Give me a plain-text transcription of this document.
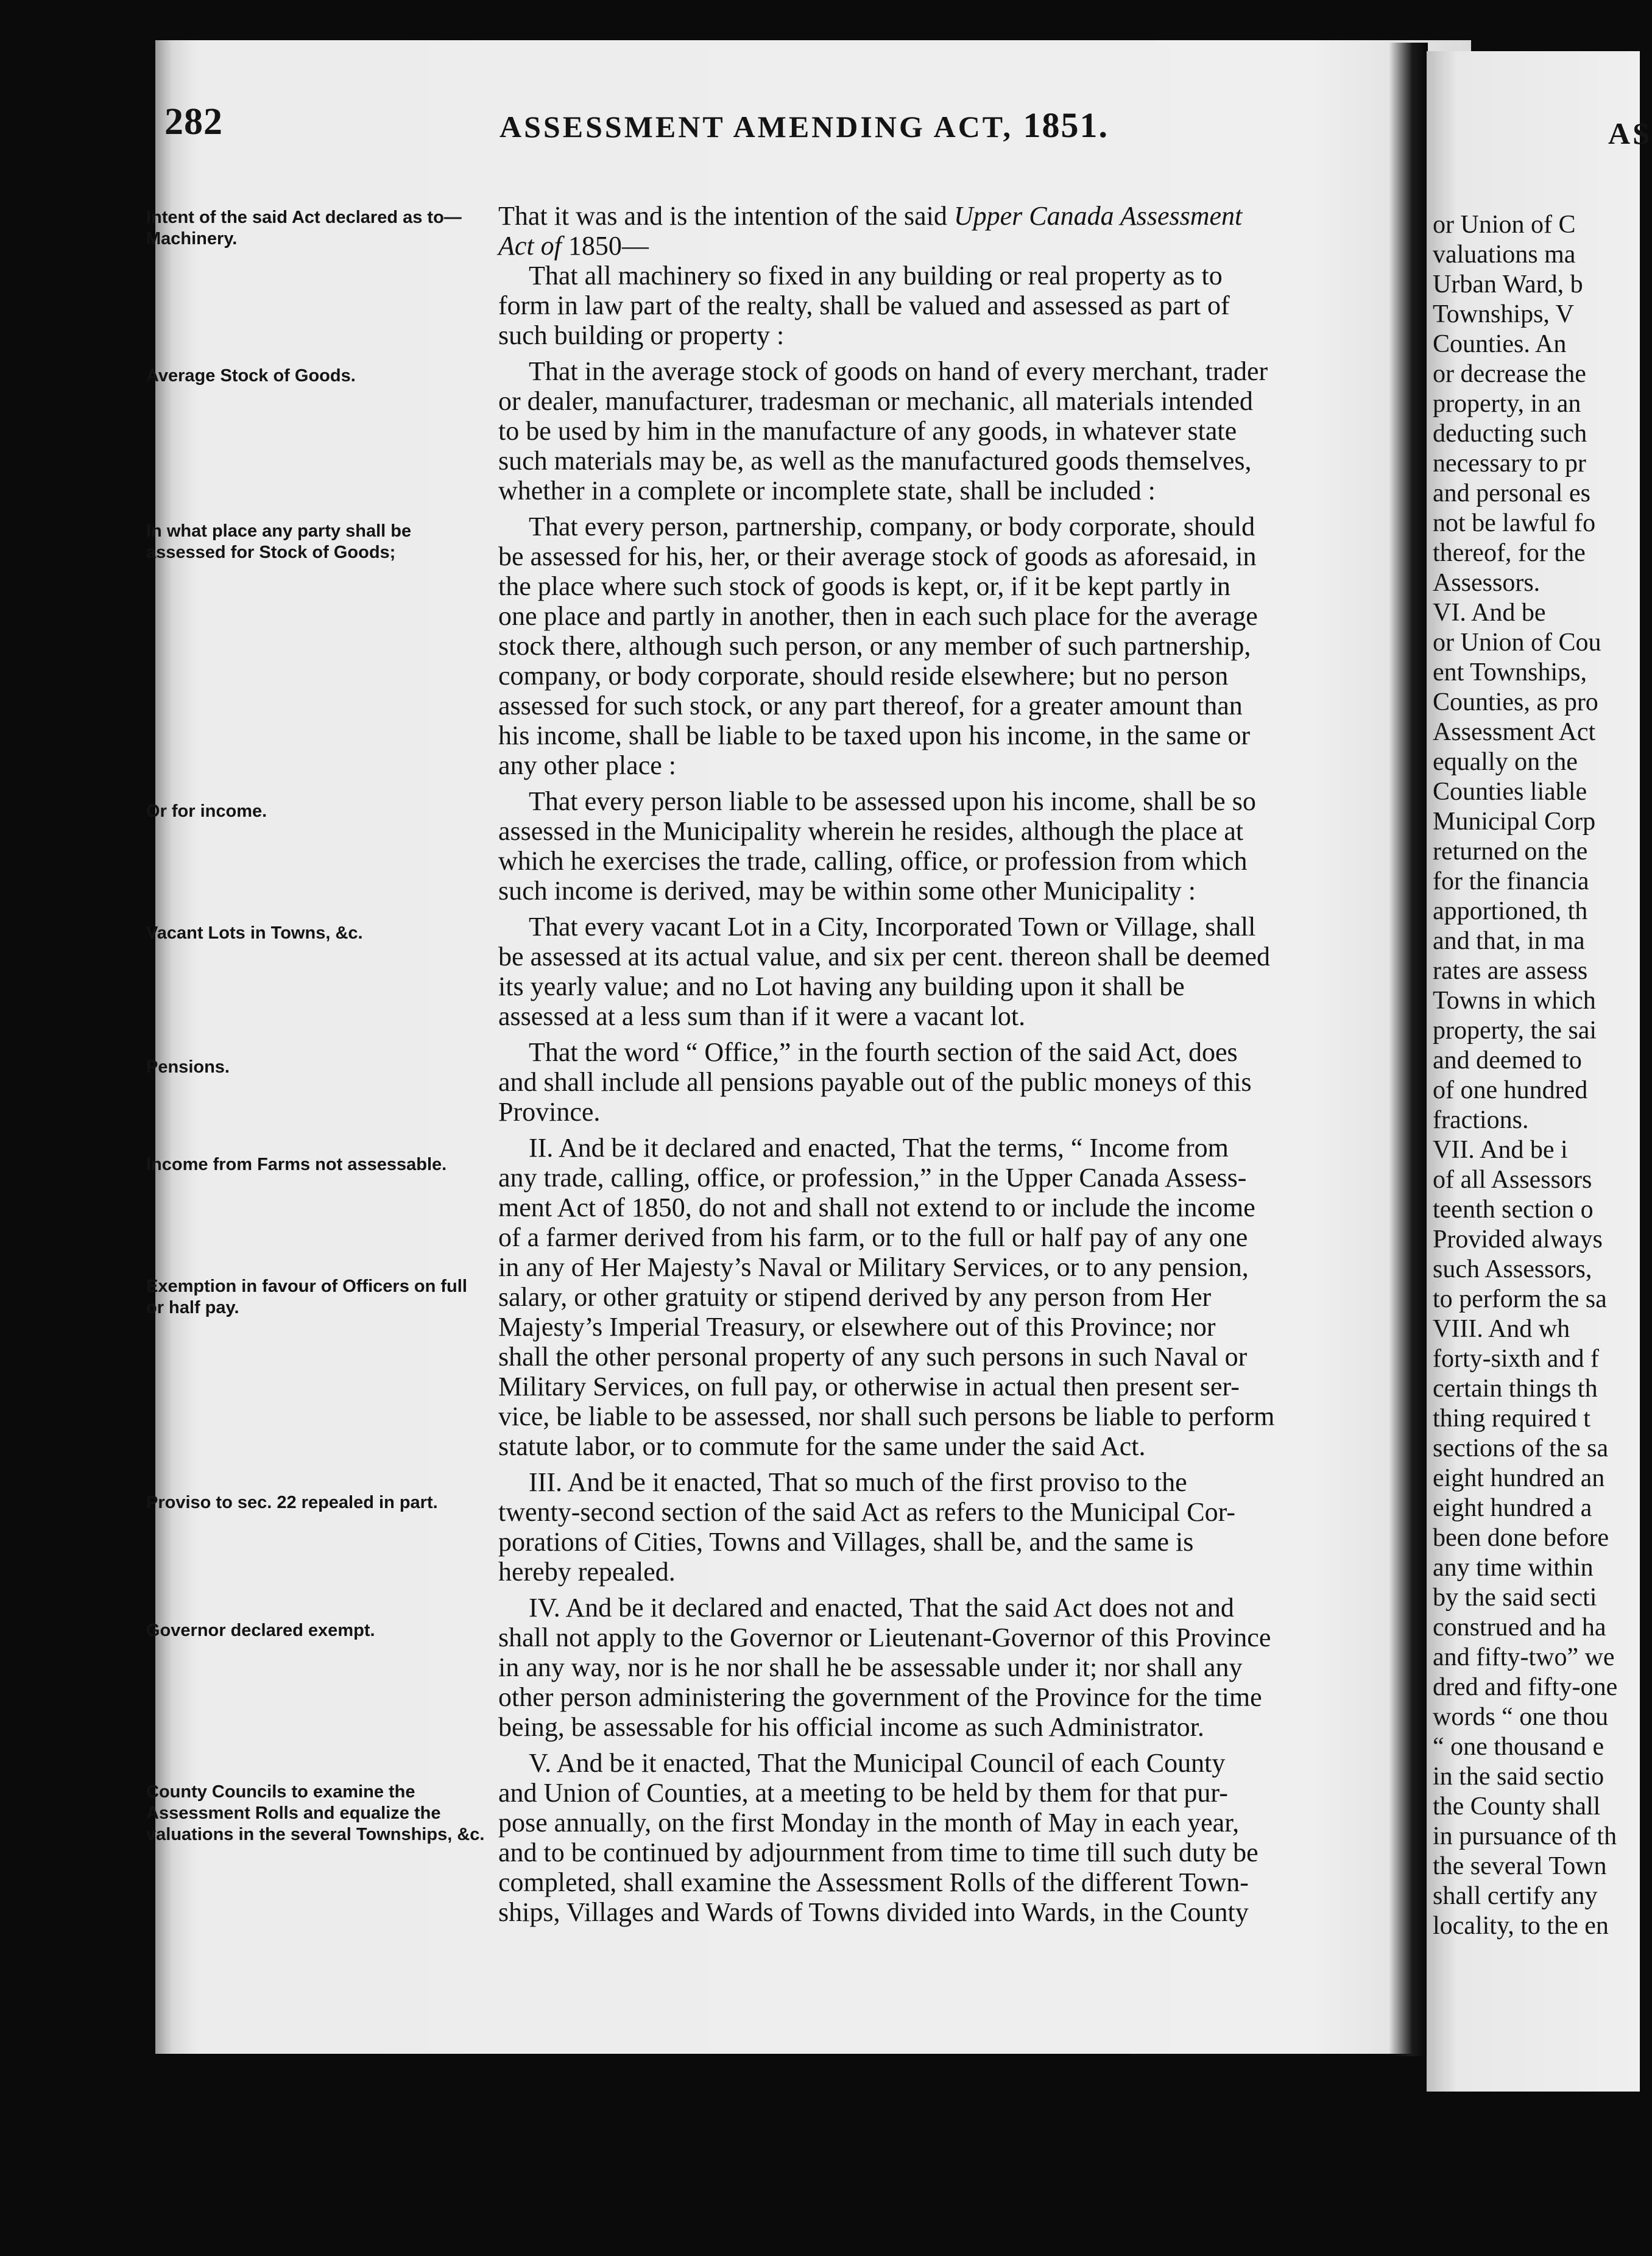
282	ASSESSMENT AMENDING ACT, 1851.

Intent of the said Act declared as to— Machinery.

Average Stock of Goods.

In what place any party shall be assessed for Stock of Goods;

Or for income.

Vacant Lots in Towns, &c.

Pensions.

Income from Farms not assessable.

Exemption in favour of Officers on full or half pay.

Proviso to sec. 22 repealed in part.

Governor declared exempt.

County Councils to examine the Assessment Rolls and equalize the valuations in the several Townships, &c.

That it was and is the intention of the said Upper Canada Assessment
Act of 1850—
That all machinery so fixed in any building or real property as to
form in law part of the realty, shall be valued and assessed as part of
such building or property :
That in the average stock of goods on hand of every merchant, trader
or dealer, manufacturer, tradesman or mechanic, all materials intended
to be used by him in the manufacture of any goods, in whatever state
such materials may be, as well as the manufactured goods themselves,
whether in a complete or incomplete state, shall be included :
That every person, partnership, company, or body corporate, should
be assessed for his, her, or their average stock of goods as aforesaid, in
the place where such stock of goods is kept, or, if it be kept partly in
one place and partly in another, then in each such place for the average
stock there, although such person, or any member of such partnership,
company, or body corporate, should reside elsewhere; but no person
assessed for such stock, or any part thereof, for a greater amount than
his income, shall be liable to be taxed upon his income, in the same or
any other place :
That every person liable to be assessed upon his income, shall be so
assessed in the Municipality wherein he resides, although the place at
which he exercises the trade, calling, office, or profession from which
such income is derived, may be within some other Municipality :
That every vacant Lot in a City, Incorporated Town or Village, shall
be assessed at its actual value, and six per cent. thereon shall be deemed
its yearly value; and no Lot having any building upon it shall be
assessed at a less sum than if it were a vacant lot.
That the word “ Office,” in the fourth section of the said Act, does
and shall include all pensions payable out of the public moneys of this
Province.
II. And be it declared and enacted, That the terms, “ Income from
any trade, calling, office, or profession,” in the Upper Canada Assess-
ment Act of 1850, do not and shall not extend to or include the income
of a farmer derived from his farm, or to the full or half pay of any one
in any of Her Majesty’s Naval or Military Services, or to any pension,
salary, or other gratuity or stipend derived by any person from Her
Majesty’s Imperial Treasury, or elsewhere out of this Province; nor
shall the other personal property of any such persons in such Naval or
Military Services, on full pay, or otherwise in actual then present ser-
vice, be liable to be assessed, nor shall such persons be liable to perform
statute labor, or to commute for the same under the said Act.
III. And be it enacted, That so much of the first proviso to the
twenty-second section of the said Act as refers to the Municipal Cor-
porations of Cities, Towns and Villages, shall be, and the same is
hereby repealed.
IV. And be it declared and enacted, That the said Act does not and
shall not apply to the Governor or Lieutenant-Governor of this Province
in any way, nor is he nor shall he be assessable under it; nor shall any
other person administering the government of the Province for the time
being, be assessable for his official income as such Administrator.
V. And be it enacted, That the Municipal Council of each County
and Union of Counties, at a meeting to be held by them for that pur-
pose annually, on the first Monday in the month of May in each year,
and to be continued by adjournment from time to time till such duty be
completed, shall examine the Assessment Rolls of the different Town-
ships, Villages and Wards of Towns divided into Wards, in the County
AS
or Union of C
valuations ma
Urban Ward, b
Townships, V
Counties. An
or decrease the
property, in an
deducting such
necessary to pr
and personal es
not be lawful fo
thereof, for the
Assessors.
VI. And be
or Union of Cou
ent Townships,
Counties, as pro
Assessment Act
equally on the
Counties liable
Municipal Corp
returned on the
for the financia
apportioned, th
and that, in ma
rates are assess
Towns in which
property, the sai
and deemed to
of one hundred
fractions.
VII. And be i
of all Assessors
teenth section o
Provided always
such Assessors,
to perform the sa
VIII. And wh
forty-sixth and f
certain things th
thing required t
sections of the sa
eight hundred an
eight hundred a
been done before
any time within
by the said secti
construed and ha
and fifty-two” we
dred and fifty-one
words “ one thou
“ one thousand e
in the said sectio
the County shall
in pursuance of th
the several Town
shall certify any
locality, to the en
